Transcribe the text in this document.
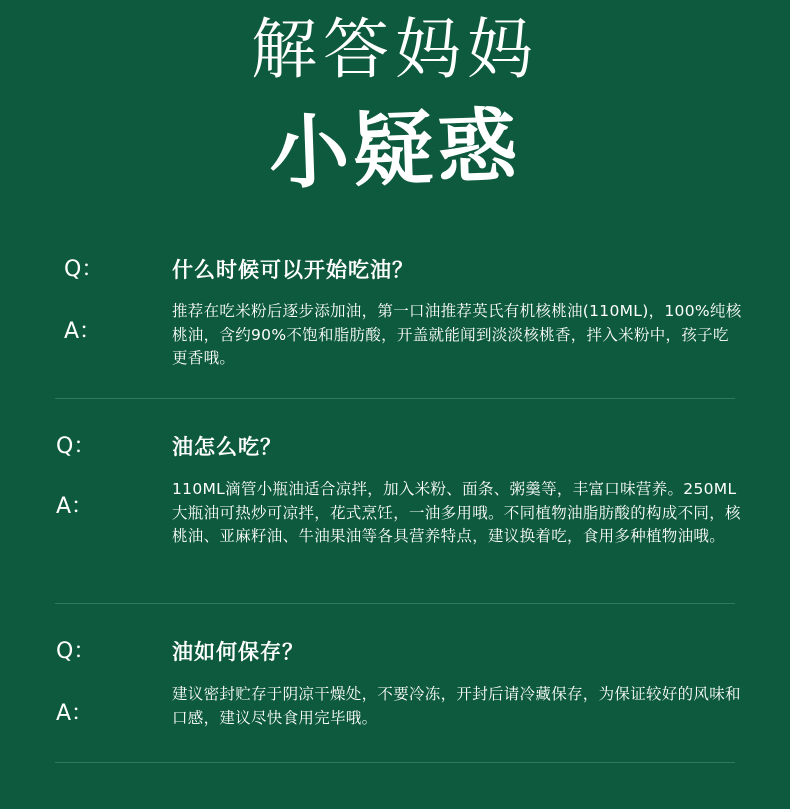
解答妈妈
小疑惑
Q：	什么时候可以开始吃油？
A：
推荐在吃米粉后逐步添加油，第一口油推荐英氏有机核桃油(110ML)，100%纯核桃油，含约90%不饱和脂肪酸，开盖就能闻到淡淡核桃香，拌入米粉中，孩子吃更香哦。
Q：	油怎么吃？
A：
110ML滴管小瓶油适合凉拌，加入米粉、面条、粥羹等，丰富口味营养。250ML大瓶油可热炒可凉拌，花式烹饪，一油多用哦。不同植物油脂肪酸的构成不同，核桃油、亚麻籽油、牛油果油等各具营养特点，建议换着吃，食用多种植物油哦。
Q：	油如何保存？
A：
建议密封贮存于阴凉干燥处，不要冷冻，开封后请冷藏保存，为保证较好的风味和口感，建议尽快食用完毕哦。
